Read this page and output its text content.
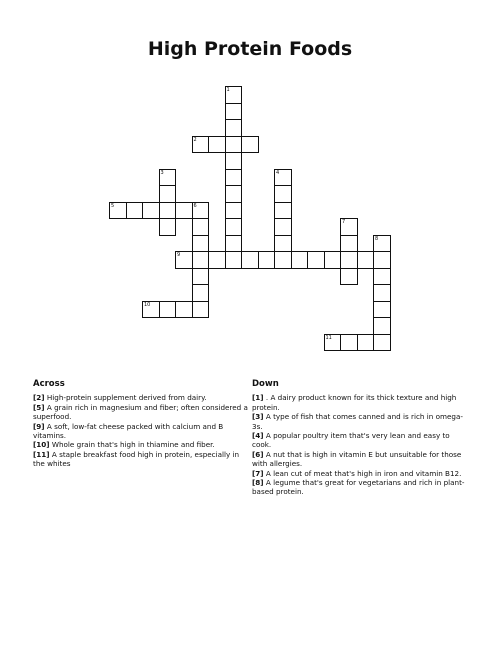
High Protein Foods
1
2
3	4
5	6
7
8
9
10
11
Across
[2] High-protein supplement derived from dairy.
[5] A grain rich in magnesium and fiber; often considered a superfood.
[9] A soft, low-fat cheese packed with calcium and B vitamins.
[10] Whole grain that's high in thiamine and fiber.
[11] A staple breakfast food high in protein, especially in the whites
Down
[1] . A dairy product known for its thick texture and high protein.
[3] A type of fish that comes canned and is rich in omega-3s.
[4] A popular poultry item that's very lean and easy to cook.
[6] A nut that is high in vitamin E but unsuitable for those with allergies.
[7] A lean cut of meat that's high in iron and vitamin B12.
[8] A legume that's great for vegetarians and rich in plant-based protein.
